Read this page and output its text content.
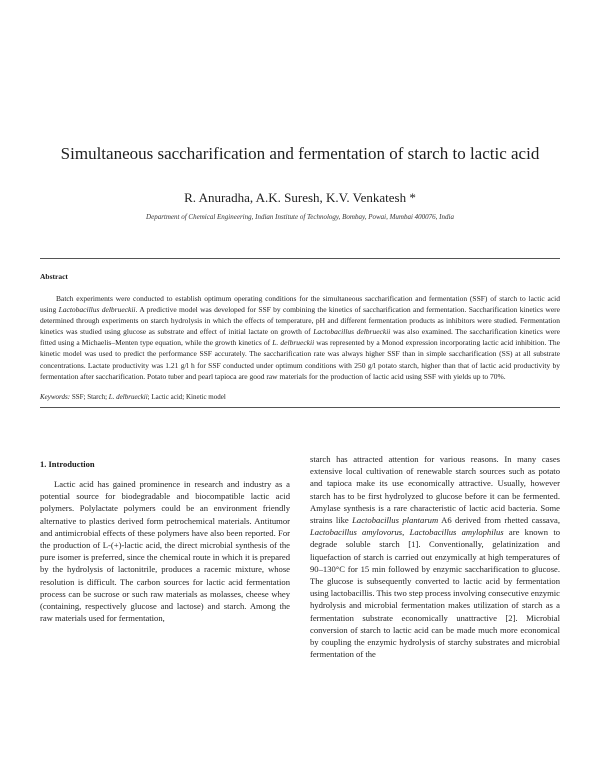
Simultaneous saccharification and fermentation of starch to lactic acid
R. Anuradha, A.K. Suresh, K.V. Venkatesh *
Department of Chemical Engineering, Indian Institute of Technology, Bombay, Powai, Mumbai 400076, India
Abstract
Batch experiments were conducted to establish optimum operating conditions for the simultaneous saccharification and fermentation (SSF) of starch to lactic acid using Lactobacillus delbrueckii. A predictive model was developed for SSF by combining the kinetics of saccharification and fermentation. Saccharification kinetics were determined through experiments on starch hydrolysis in which the effects of temperature, pH and different fermentation products as inhibitors were studied. Fermentation kinetics was studied using glucose as substrate and effect of initial lactate on growth of Lactobacillus delbrueckii was also examined. The saccharification kinetics were fitted using a Michaelis–Menten type equation, while the growth kinetics of L. delbrueckii was represented by a Monod expression incorporating lactic acid inhibition. The kinetic model was used to predict the performance SSF accurately. The saccharification rate was always higher SSF than in simple saccharification (SS) at all substrate concentrations. Lactate productivity was 1.21 g/l h for SSF conducted under optimum conditions with 250 g/l potato starch, higher than that of lactic acid productivity by fermentation after saccharification. Potato tuber and pearl tapioca are good raw materials for the production of lactic acid using SSF with yields up to 70%.
Keywords: SSF; Starch; L. delbrueckii; Lactic acid; Kinetic model
1. Introduction
Lactic acid has gained prominence in research and industry as a potential source for biodegradable and biocompatible lactic acid polymers. Polylactate polymers could be an environment friendly alternative to plastics derived form petrochemical materials. Antitumor and antimicrobial effects of these polymers have also been reported. For the production of L-(+)-lactic acid, the direct microbial synthesis of the pure isomer is preferred, since the chemical route in which it is prepared by the hydrolysis of lactonitrile, produces a racemic mixture, whose resolution is difficult. The carbon sources for lactic acid fermentation process can be sucrose or such raw materials as molasses, cheese whey (containing, respectively glucose and lactose) and starch. Among the raw materials used for fermentation,
starch has attracted attention for various reasons. In many cases extensive local cultivation of renewable starch sources such as potato and tapioca make its use economically attractive. Usually, however starch has to be first hydrolyzed to glucose before it can be fermented. Amylase synthesis is a rare characteristic of lactic acid bacteria. Some strains like Lactobacillus plantarum A6 derived from rhetted cassava, Lactobacillus amylovorus, Lactobacillus amylophilus are known to degrade soluble starch [1]. Conventionally, gelatinization and liquefaction of starch is carried out enzymically at high temperatures of 90–130°C for 15 min followed by enzymic saccharification to glucose. The glucose is subsequently converted to lactic acid by fermentation using lactobacillis. This two step process involving consecutive enzymic hydrolysis and microbial fermentation makes utilization of starch as a fermentation substrate economically unattractive [2]. Microbial conversion of starch to lactic acid can be made much more economical by coupling the enzymic hydrolysis of starchy substrates and microbial fermentation of the
